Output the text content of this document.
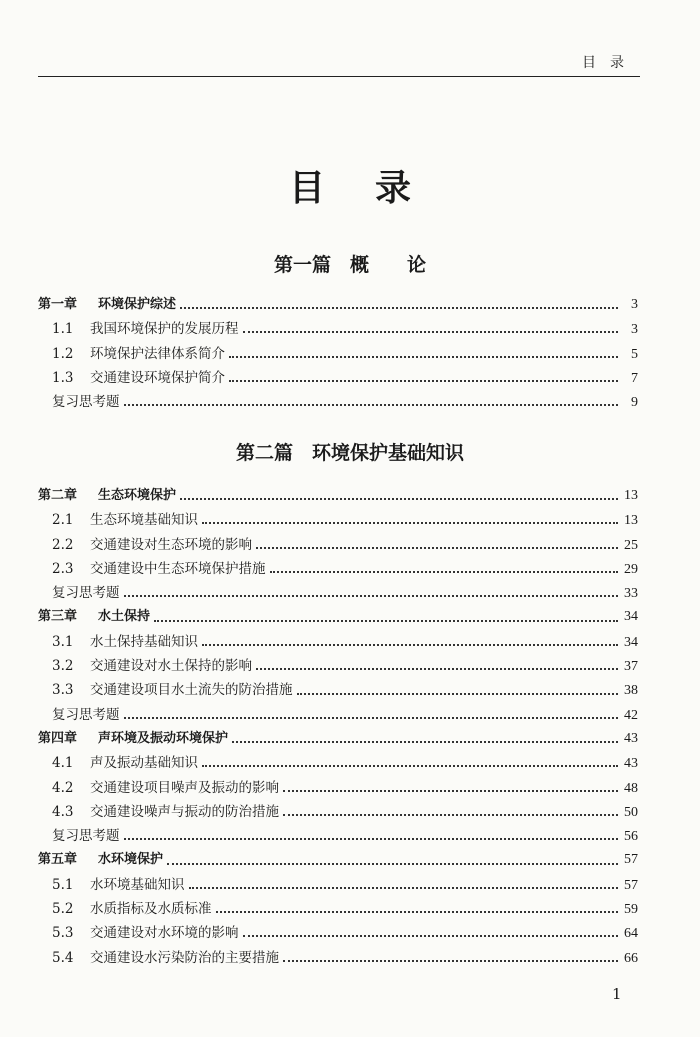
目录
目录
第一篇　概　　论
第一章	环境保护综述	3
1.1	我国环境保护的发展历程	3
1.2	环境保护法律体系简介	5
1.3	交通建设环境保护简介	7
复习思考题	9
第二篇　环境保护基础知识
第二章	生态环境保护	13
2.1	生态环境基础知识	13
2.2	交通建设对生态环境的影响	25
2.3	交通建设中生态环境保护措施	29
复习思考题	33
第三章	水土保持	34
3.1	水土保持基础知识	34
3.2	交通建设对水土保持的影响	37
3.3	交通建设项目水土流失的防治措施	38
复习思考题	42
第四章	声环境及振动环境保护	43
4.1	声及振动基础知识	43
4.2	交通建设项目噪声及振动的影响	48
4.3	交通建设噪声与振动的防治措施	50
复习思考题	56
第五章	水环境保护	57
5.1	水环境基础知识	57
5.2	水质指标及水质标准	59
5.3	交通建设对水环境的影响	64
5.4	交通建设水污染防治的主要措施	66
1
